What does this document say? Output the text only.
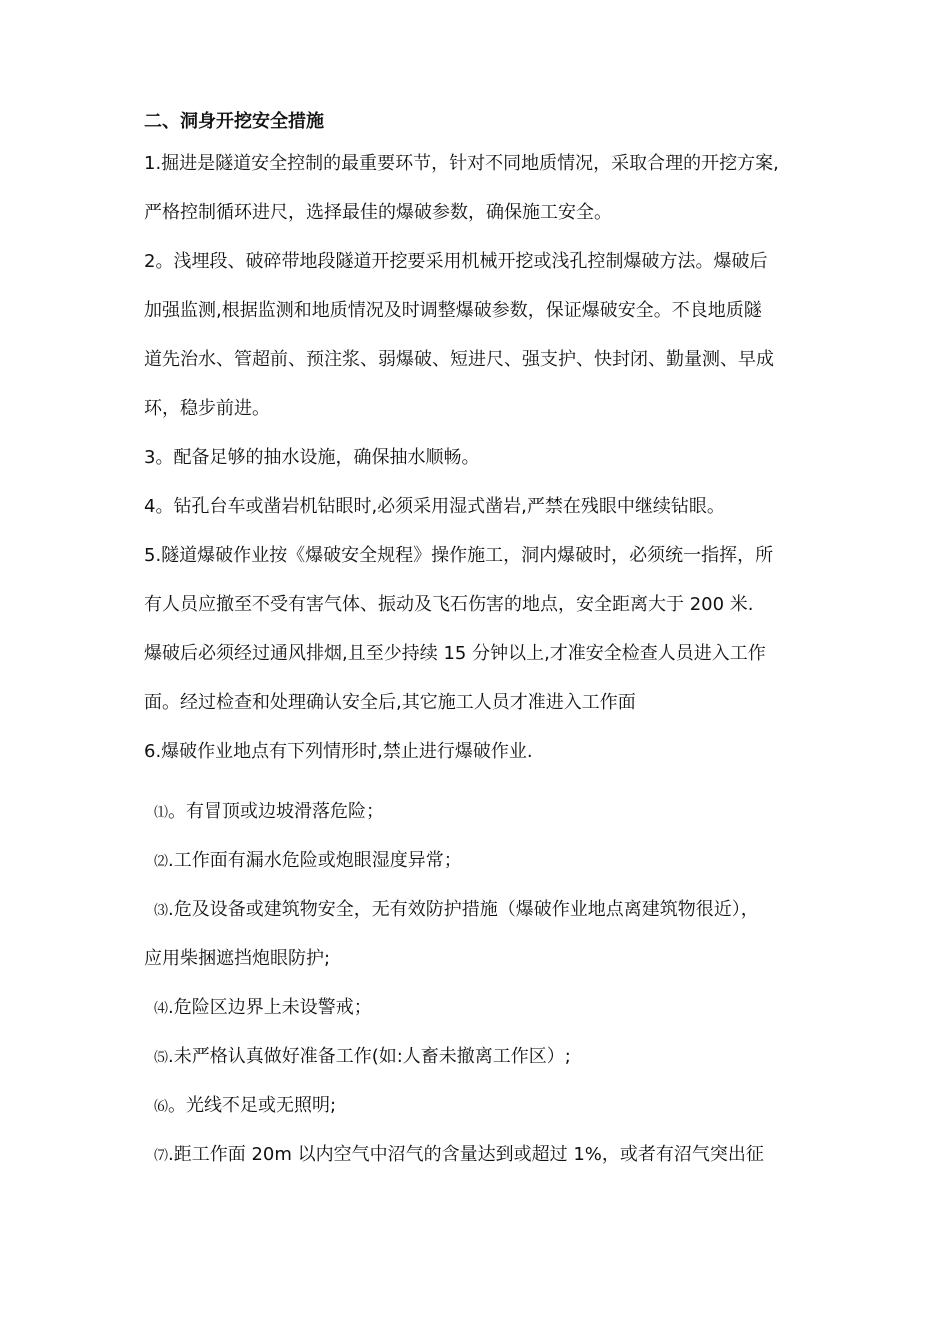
二、洞身开挖安全措施
1.掘进是隧道安全控制的最重要环节，针对不同地质情况，采取合理的开挖方案,
严格控制循环进尺，选择最佳的爆破参数，确保施工安全。
2。浅埋段、破碎带地段隧道开挖要采用机械开挖或浅孔控制爆破方法。爆破后
加强监测,根据监测和地质情况及时调整爆破参数，保证爆破安全。不良地质隧
道先治水、管超前、预注浆、弱爆破、短进尺、强支护、快封闭、勤量测、早成
环，稳步前进。
3。配备足够的抽水设施，确保抽水顺畅。
4。钻孔台车或凿岩机钻眼时,必须采用湿式凿岩,严禁在残眼中继续钻眼。
5.隧道爆破作业按《爆破安全规程》操作施工，洞内爆破时，必须统一指挥，所
有人员应撤至不受有害气体、振动及飞石伤害的地点，安全距离大于 200 米.
爆破后必须经过通风排烟,且至少持续 15 分钟以上,才准安全检查人员进入工作
面。经过检查和处理确认安全后,其它施工人员才准进入工作面
6.爆破作业地点有下列情形时,禁止进行爆破作业.
⑴。有冒顶或边坡滑落危险；
⑵.工作面有漏水危险或炮眼湿度异常；
⑶.危及设备或建筑物安全，无有效防护措施（爆破作业地点离建筑物很近），
应用柴捆遮挡炮眼防护;
⑷.危险区边界上未设警戒；
⑸.未严格认真做好准备工作(如:人畜未撤离工作区）;
⑹。光线不足或无照明;
⑺.距工作面 20m 以内空气中沼气的含量达到或超过 1%，或者有沼气突出征
